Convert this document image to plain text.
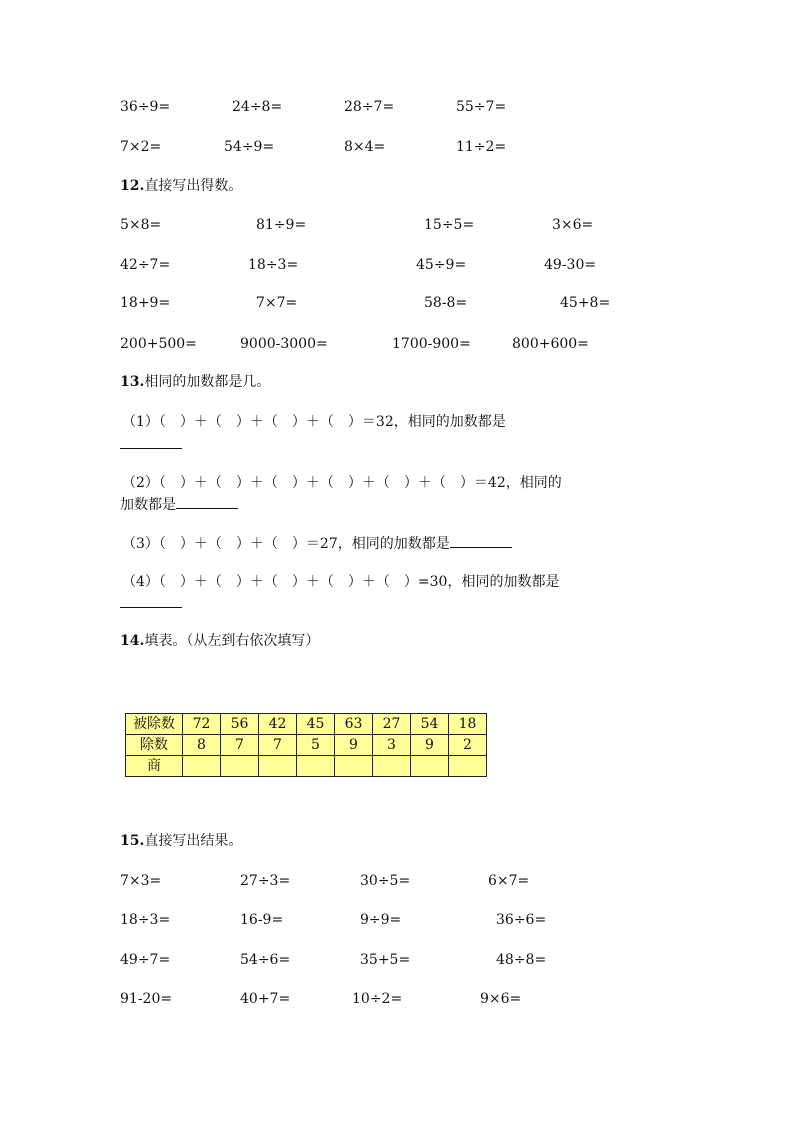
36÷9=	24÷8=	28÷7=	55÷7=
7×2=	54÷9=	8×4=	11÷2=
12.直接写出得数。
5×8=	81÷9=	15÷5=	3×6=
42÷7=	18÷3=	45÷9=	49-30=
18+9=	7×7=	58-8=	45+8=
200+500=	9000-3000=	1700-900=	800+600=
13.相同的加数都是几。
（1）（　）＋（　）＋（　）＋（　）＝32，相同的加数都是
（2）（　）＋（　）＋（　）＋（　）＋（　）＋（　）＝42，相同的
加数都是
（3）（　）＋（　）＋（　）＝27，相同的加数都是
（4）（　）＋（　）＋（　）＋（　）＋（　）=30，相同的加数都是
14.填表。（从左到右依次填写）
被除数	72	56	42	45	63	27	54	18
除数	8	7	7	5	9	3	9	2
商								
15.直接写出结果。
7×3=	27÷3=	30÷5=	6×7=
18÷3=	16-9=	9÷9=	36÷6=
49÷7=	54÷6=	35+5=	48÷8=
91-20=	40+7=	10÷2=	9×6=
